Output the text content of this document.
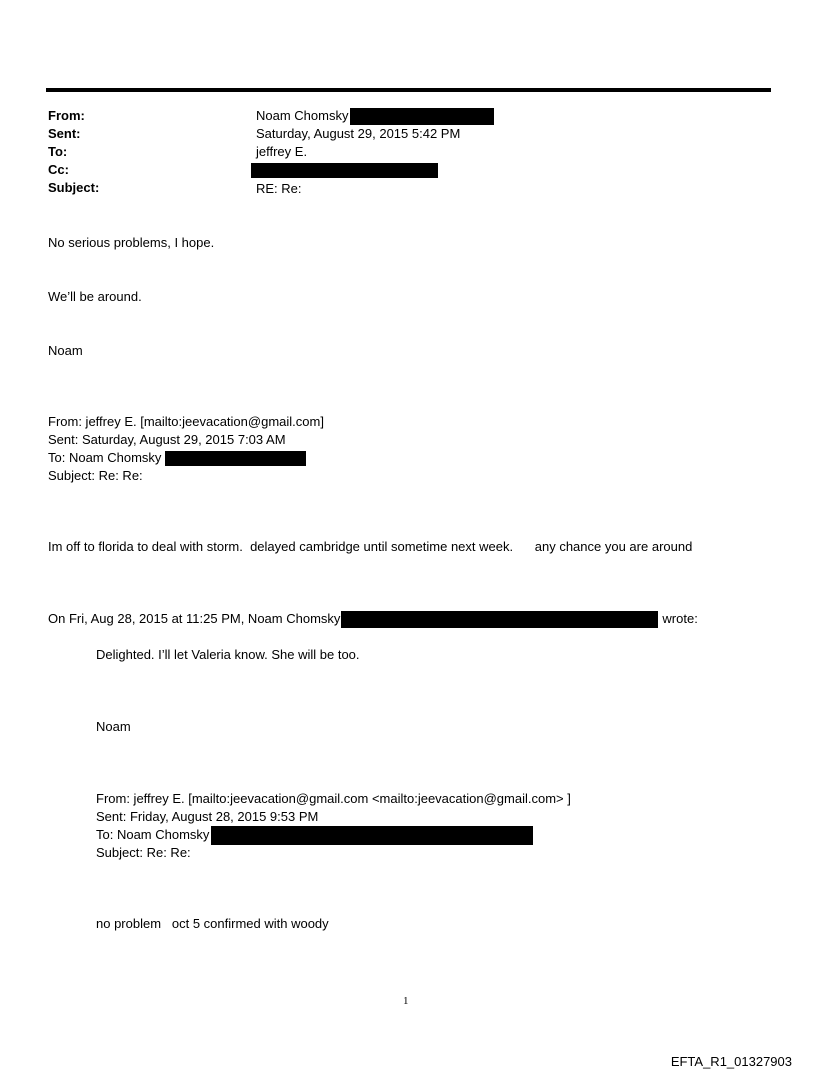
From:	Noam Chomsky
Sent:	Saturday, August 29, 2015 5:42 PM
To:	jeffrey E.
Cc:
Subject:	RE: Re:
No serious problems, I hope.
We’ll be around.
Noam
From: jeffrey E. [mailto:jeevacation@gmail.com]
Sent: Saturday, August 29, 2015 7:03 AM
To: Noam Chomsky
Subject: Re: Re:
Im off to florida to deal with storm.  delayed cambridge until sometime next week.      any chance you are around
On Fri, Aug 28, 2015 at 11:25 PM, Noam Chomsky	wrote:
Delighted. I’ll let Valeria know. She will be too.
Noam
From: jeffrey E. [mailto:jeevacation@gmail.com <mailto:jeevacation@gmail.com> ]
Sent: Friday, August 28, 2015 9:53 PM
To: Noam Chomsky
Subject: Re: Re:
no problem   oct 5 confirmed with woody
1
EFTA_R1_01327903
